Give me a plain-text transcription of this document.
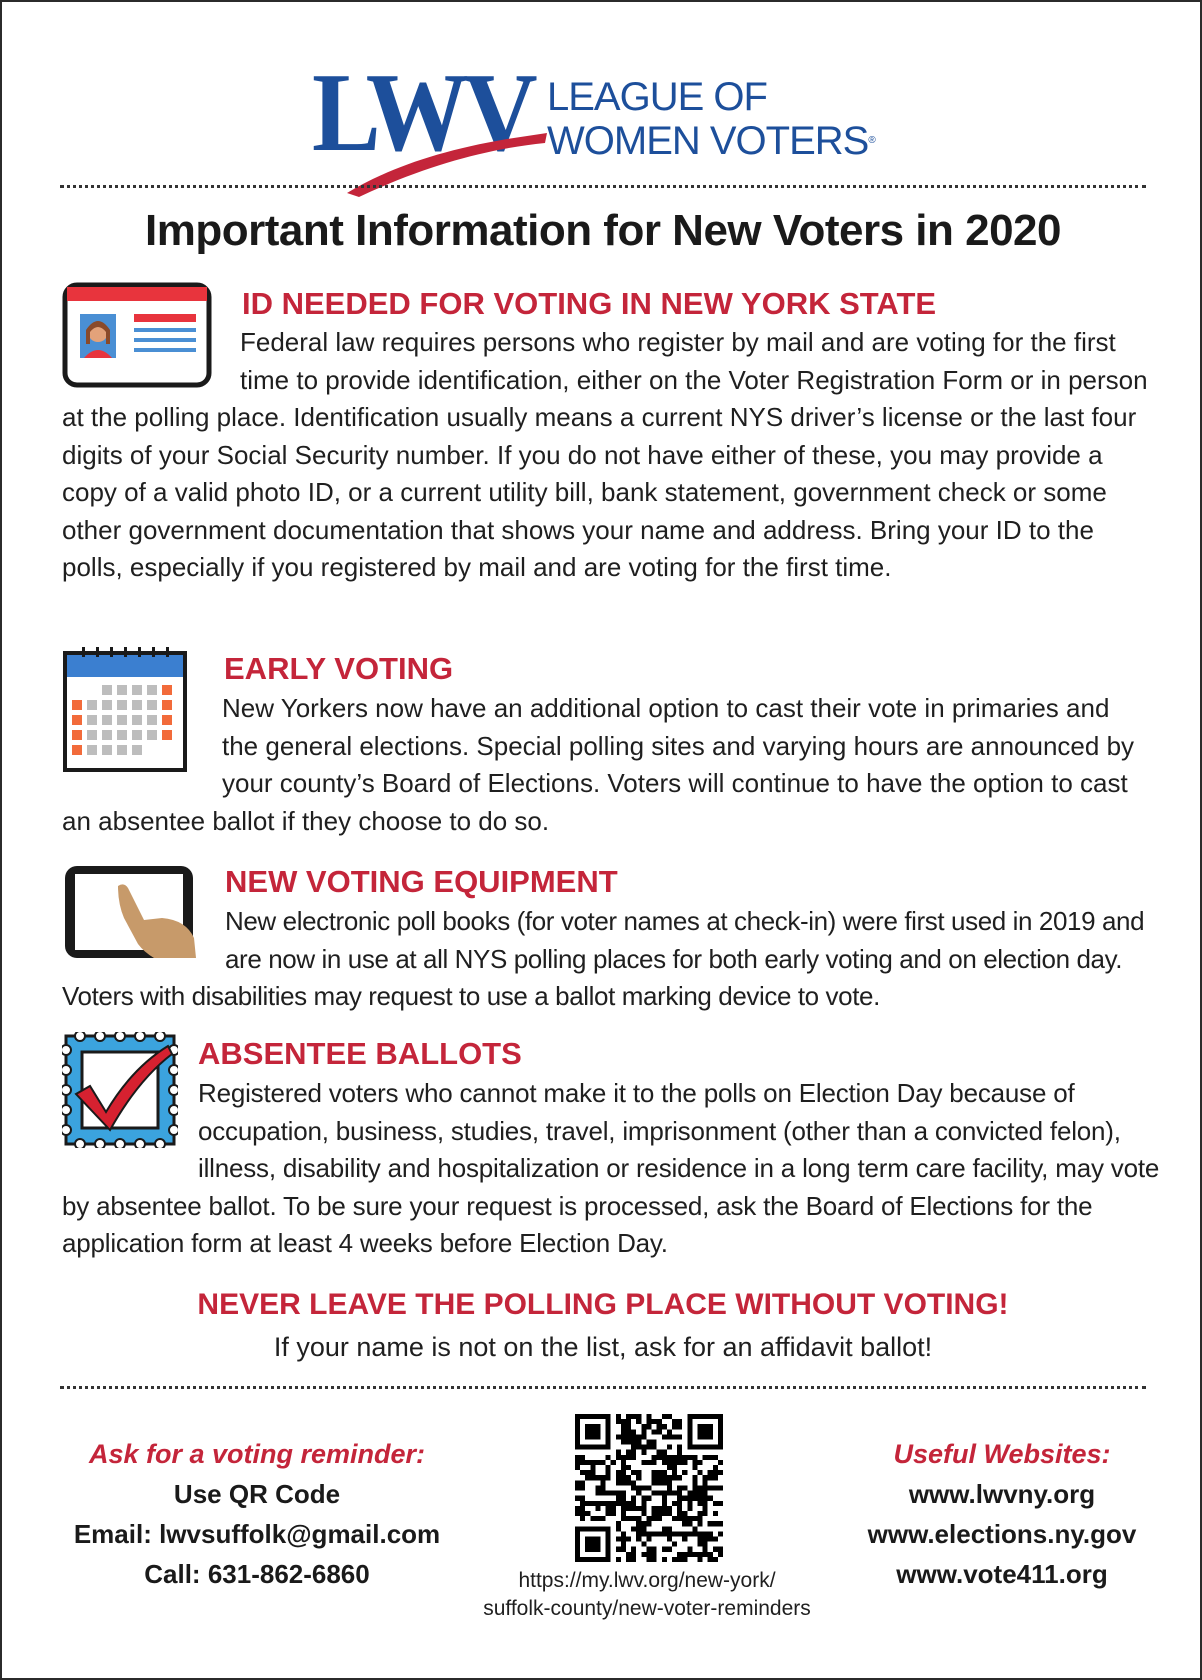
LWV LEAGUE OF
WOMEN VOTERS®
Important Information for New Voters in 2020
ID NEEDED FOR VOTING IN NEW YORK STATE
Federal law requires persons who register by mail and are voting for the first time to provide identification, either on the Voter Registration Form or in person at the polling place. Identification usually means a current NYS driver’s license or the last four digits of your Social Security number. If you do not have either of these, you may provide a copy of a valid photo ID, or a current utility bill, bank statement, government check or some other government documentation that shows your name and address. Bring your ID to the polls, especially if you registered by mail and are voting for the first time.
EARLY VOTING
New Yorkers now have an additional option to cast their vote in primaries and the general elections. Special polling sites and varying hours are announced by your county’s Board of Elections. Voters will continue to have the option to cast an absentee ballot if they choose to do so.
NEW VOTING EQUIPMENT
New electronic poll books (for voter names at check-in) were first used in 2019 and are now in use at all NYS polling places for both early voting and on election day. Voters with disabilities may request to use a ballot marking device to vote.
ABSENTEE BALLOTS
Registered voters who cannot make it to the polls on Election Day because of occupation, business, studies, travel, imprisonment (other than a convicted felon), illness, disability and hospitalization or residence in a long term care facility, may vote by absentee ballot. To be sure your request is processed, ask the Board of Elections for the application form at least 4 weeks before Election Day.
NEVER LEAVE THE POLLING PLACE WITHOUT VOTING!
If your name is not on the list, ask for an affidavit ballot!
Ask for a voting reminder:
Use QR Code
Email: lwvsuffolk@gmail.com
Call: 631-862-6860	https://my.lwv.org/new-york/
suffolk-county/new-voter-reminders
Useful Websites:
www.lwvny.org
www.elections.ny.gov
www.vote411.org
